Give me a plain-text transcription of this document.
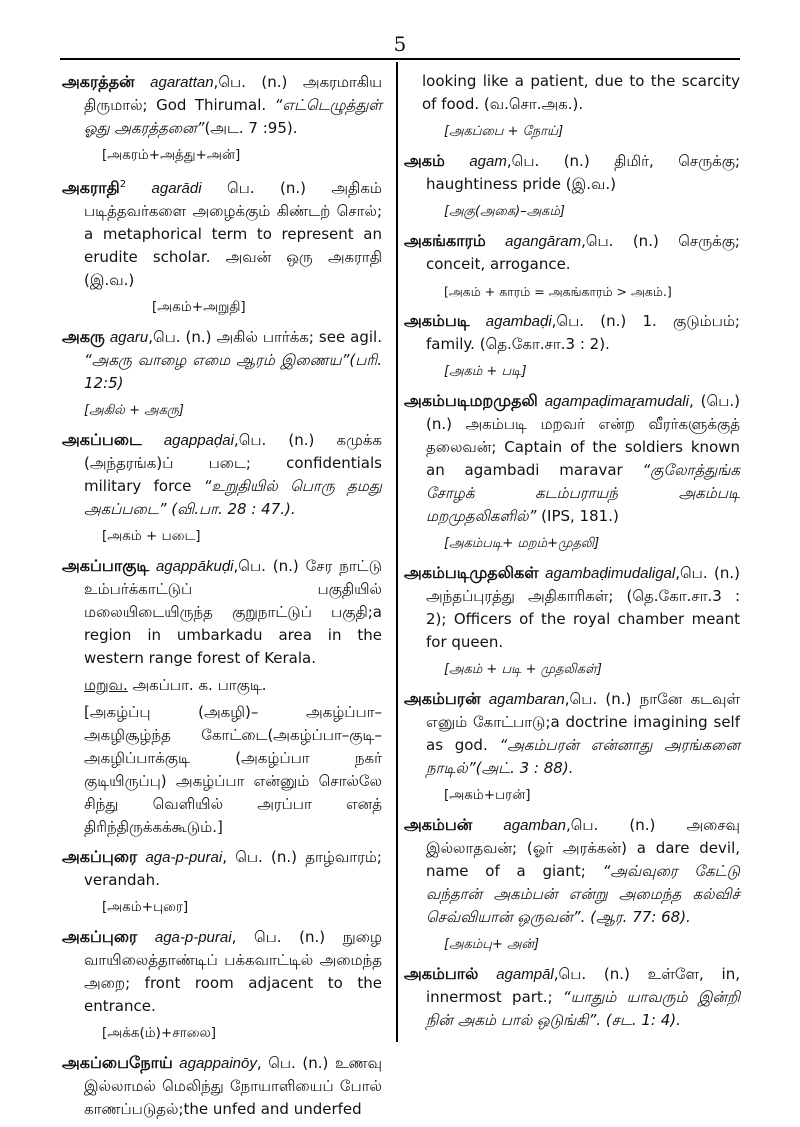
5

அகரத்தன் agarattan,பெ. (n.) அகரமாகிய திருமால்; God Thirumal. “எட்டெழுத்துள் ஓது அகரத்தனை”(அட. 7 :95).

[அகரம்+அத்து+அன்]

அகராதி$^2$ agarādi பெ. (n.) அதிகம் படித்தவர்களை அழைக்கும் கிண்டற் சொல்; a metaphorical term to represent an erudite scholar. அவன் ஒரு அகராதி (இ.வ.)

[அகம்+அறுதி]

அகரு agaru,பெ. (n.) அகில் பார்க்க; see agil. “அகரு வாழை எமை ஆரம் இணைய”(பரி. 12:5)

[அகில் + அகரு]

அகப்படை agappaḍai,பெ. (n.) கமுக்க (அந்தரங்க)ப் படை; confidentials military force “உறுதியில் பொரு தமது அகப்படை” (வி.பா. 28 : 47.).

[அகம் + படை]

அகப்பாகுடி agappākuḍi,பெ. (n.) சேர நாட்டு உம்பர்க்காட்டுப் பகுதியில் மலையிடையிருந்த குறுநாட்டுப் பகுதி;a region in umbarkadu area in the western range forest of Kerala.

மறுவ. அகப்பா. க. பாகுடி.
[அகழ்ப்பு (அகழி)– அகழ்ப்பா– அகழிசூழ்ந்த கோட்டை(அகழ்ப்பா–குடி– அகழிப்பாக்குடி (அகழ்ப்பா நகர் குடியிருப்பு) அகழ்ப்பா என்னும் சொல்லே சிந்து வெளியில் அரப்பா எனத் திரிந்திருக்கக்கூடும்.]

அகப்புரை aga-p-purai, பெ. (n.) தாழ்வாரம்; verandah.

[அகம்+புரை]

அகப்புரை aga-p-purai, பெ. (n.) நுழை வாயிலைத்தாண்டிப் பக்கவாட்டில் அமைந்த அறை; front room adjacent to the entrance.

[அக்க(ம்)+சாலை]

அகப்பைநோய் agappainōy, பெ. (n.) உணவு இல்லாமல் மெலிந்து நோயாளியைப் போல் காணப்படுதல்;the unfed and underfed

looking like a patient, due to the scarcity of food. (வ.சொ.அக.).

[அகப்பை + நோய்]

அகம் agam,பெ. (n.) திமிர், செருக்கு; haughtiness pride (இ.வ.)

[அகு(அகை)–அகம்]

அகங்காரம் agangāram,பெ. (n.) செருக்கு; conceit, arrogance.

[அகம் + காரம் = அகங்காரம் > அகம்.]

அகம்படி agambaḍi,பெ. (n.) 1. குடும்பம்; family. (தெ.கோ.சா.3 : 2).

[அகம் + படி]

அகம்படிமறமுதலி agampaḍimaṟamudali, (பெ.) (n.) அகம்படி மறவர் என்ற வீரர்களுக்குத் தலைவன்; Captain of the soldiers known an agambadi maravar “குலோத்துங்க சோழக் கடம்பராயந் அகம்படி மறமுதலிகளில்” (IPS, 181.)

[அகம்படி+ மறம்+முதலி]

அகம்படிமுதலிகள் agambaḍimudaligal,பெ. (n.) அந்தப்புரத்து அதிகாரிகள்; (தெ.கோ.சா.3 : 2); Officers of the royal chamber meant for queen.

[அகம் + படி + முதலிகள்]

அகம்பரன் agambaran,பெ. (n.) நானே கடவுள் எனும் கோட்பாடு;a doctrine imagining self as god. “அகம்பரன் என்னாது அரங்கனை நாடில்”(அட். 3 : 88).

[அகம்+பரன்]

அகம்பன் agamban,பெ. (n.) அசைவு இல்லாதவன்; (ஓர் அரக்கன்) a dare devil, name of a giant; “அவ்வுரை கேட்டு வந்தான் அகம்பன் என்று அமைந்த கல்விச் செவ்வியான் ஒருவன்”. (ஆர. 77: 68).

[அகம்பு+ அன்]

அகம்பால் agampāl,பெ. (n.) உள்ளே, in, innermost part.; “யாதும் யாவரும் இன்றி நின் அகம் பால் ஒடுங்கி”. (சட. 1: 4).
